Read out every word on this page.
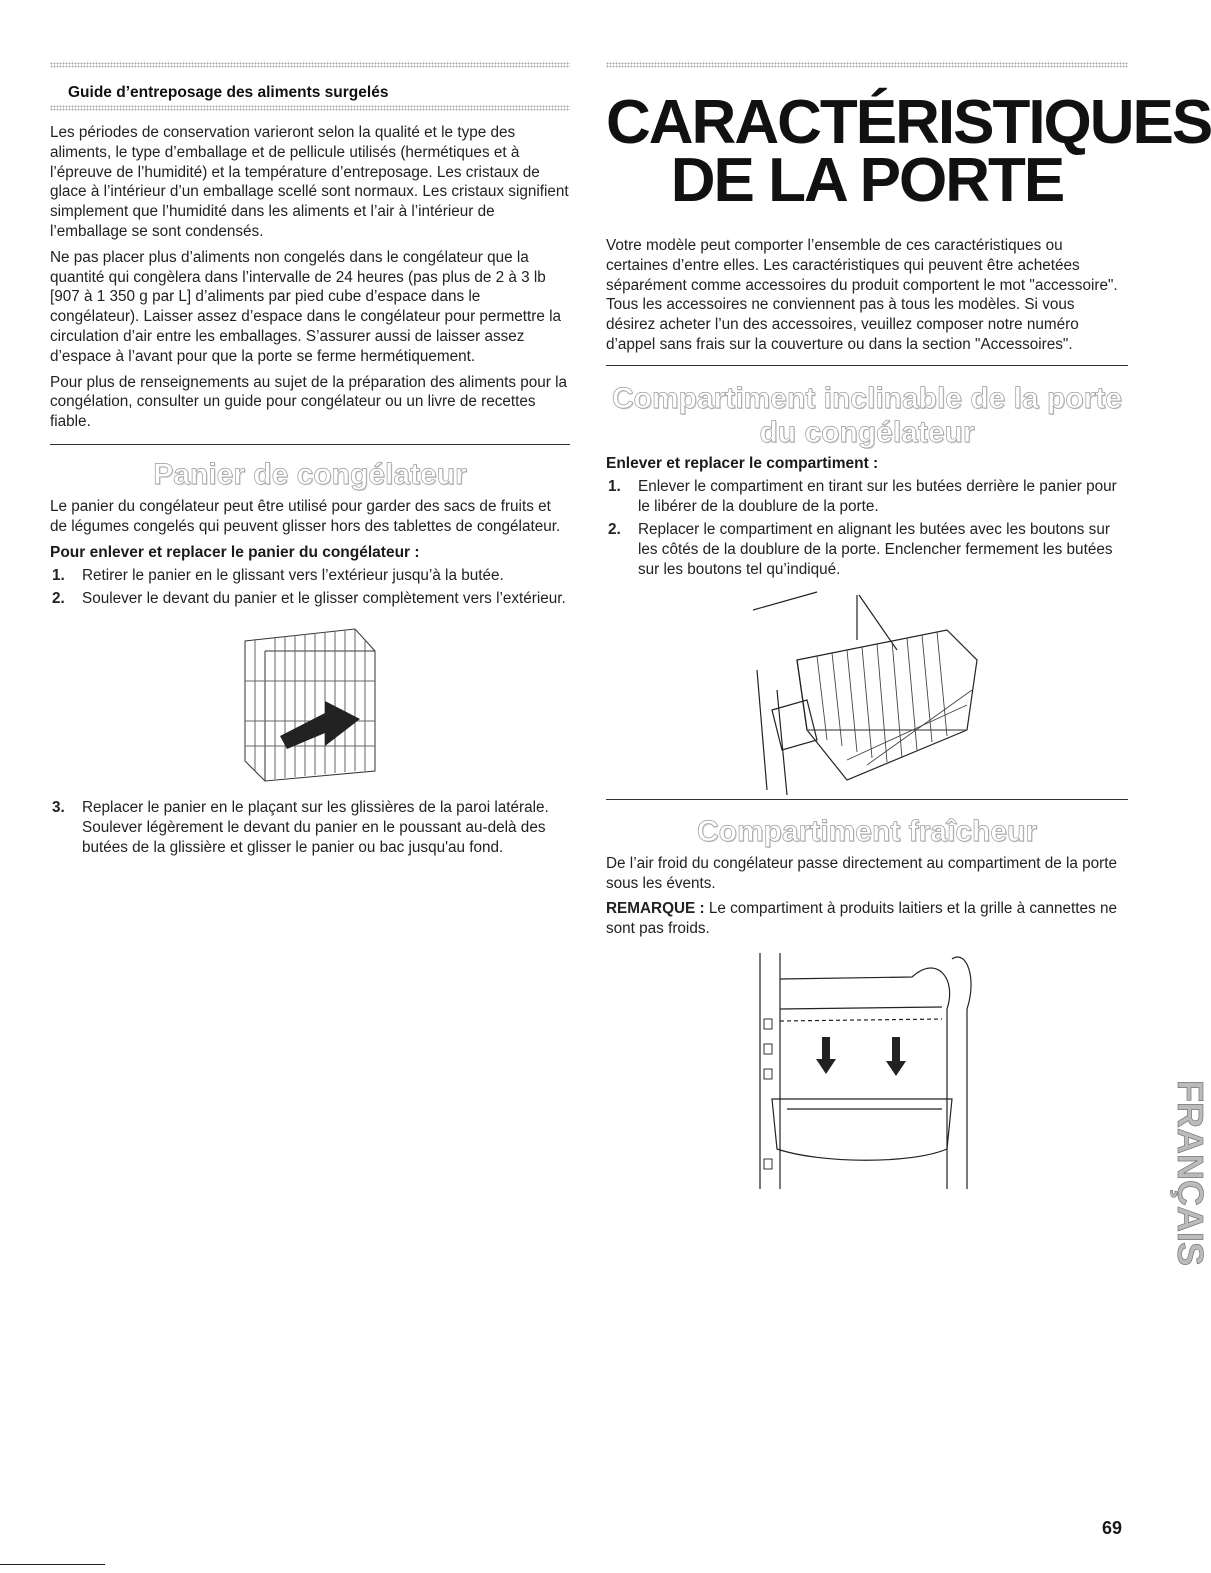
Guide d’entreposage des aliments surgelés

Les périodes de conservation varieront selon la qualité et le type des aliments, le type d’emballage et de pellicule utilisés (hermétiques et à l’épreuve de l’humidité) et la température d’entreposage. Les cristaux de glace à l’intérieur d’un emballage scellé sont normaux. Les cristaux signifient simplement que l’humidité dans les aliments et l’air à l’intérieur de l’emballage se sont condensés.

Ne pas placer plus d’aliments non congelés dans le congélateur que la quantité qui congèlera dans l’intervalle de 24 heures (pas plus de 2 à 3 lb [907 à 1 350 g par L] d’aliments par pied cube d’espace dans le congélateur). Laisser assez d’espace dans le congélateur pour permettre la circulation d’air entre les emballages. S’assurer aussi de laisser assez d’espace à l’avant pour que la porte se ferme hermétiquement.

Pour plus de renseignements au sujet de la préparation des aliments pour la congélation, consulter un guide pour congélateur ou un livre de recettes fiable.

Panier de congélateur

Le panier du congélateur peut être utilisé pour garder des sacs de fruits et de légumes congelés qui peuvent glisser hors des tablettes de congélateur.

Pour enlever et replacer le panier du congélateur :
1.	Retirer le panier en le glissant vers l’extérieur jusqu’à la butée.
2.	Soulever le devant du panier et le glisser complètement vers l’extérieur.
3.	Replacer le panier en le plaçant sur les glissières de la paroi latérale. Soulever légèrement le devant du panier en le poussant au-delà des butées de la glissière et glisser le panier ou bac jusqu'au fond.
CARACTÉRISTIQUES
DE LA PORTE

Votre modèle peut comporter l’ensemble de ces caractéristiques ou certaines d’entre elles. Les caractéristiques qui peuvent être achetées séparément comme accessoires du produit comportent le mot "accessoire". Tous les accessoires ne conviennent pas à tous les modèles. Si vous désirez acheter l’un des accessoires, veuillez composer notre numéro d’appel sans frais sur la couverture ou dans la section "Accessoires".

Compartiment inclinable de la porte
du congélateur
Enlever et replacer le compartiment :
1.	Enlever le compartiment en tirant sur les butées derrière le panier pour le libérer de la doublure de la porte.
2.	Replacer le compartiment en alignant les butées avec les boutons sur les côtés de la doublure de la porte. Enclencher fermement les butées sur les boutons tel qu’indiqué.
Compartiment fraîcheur

De l’air froid du congélateur passe directement au compartiment de la porte sous les évents.

REMARQUE : Le compartiment à produits laitiers et la grille à cannettes ne sont pas froids.

FRANÇAIS
69
